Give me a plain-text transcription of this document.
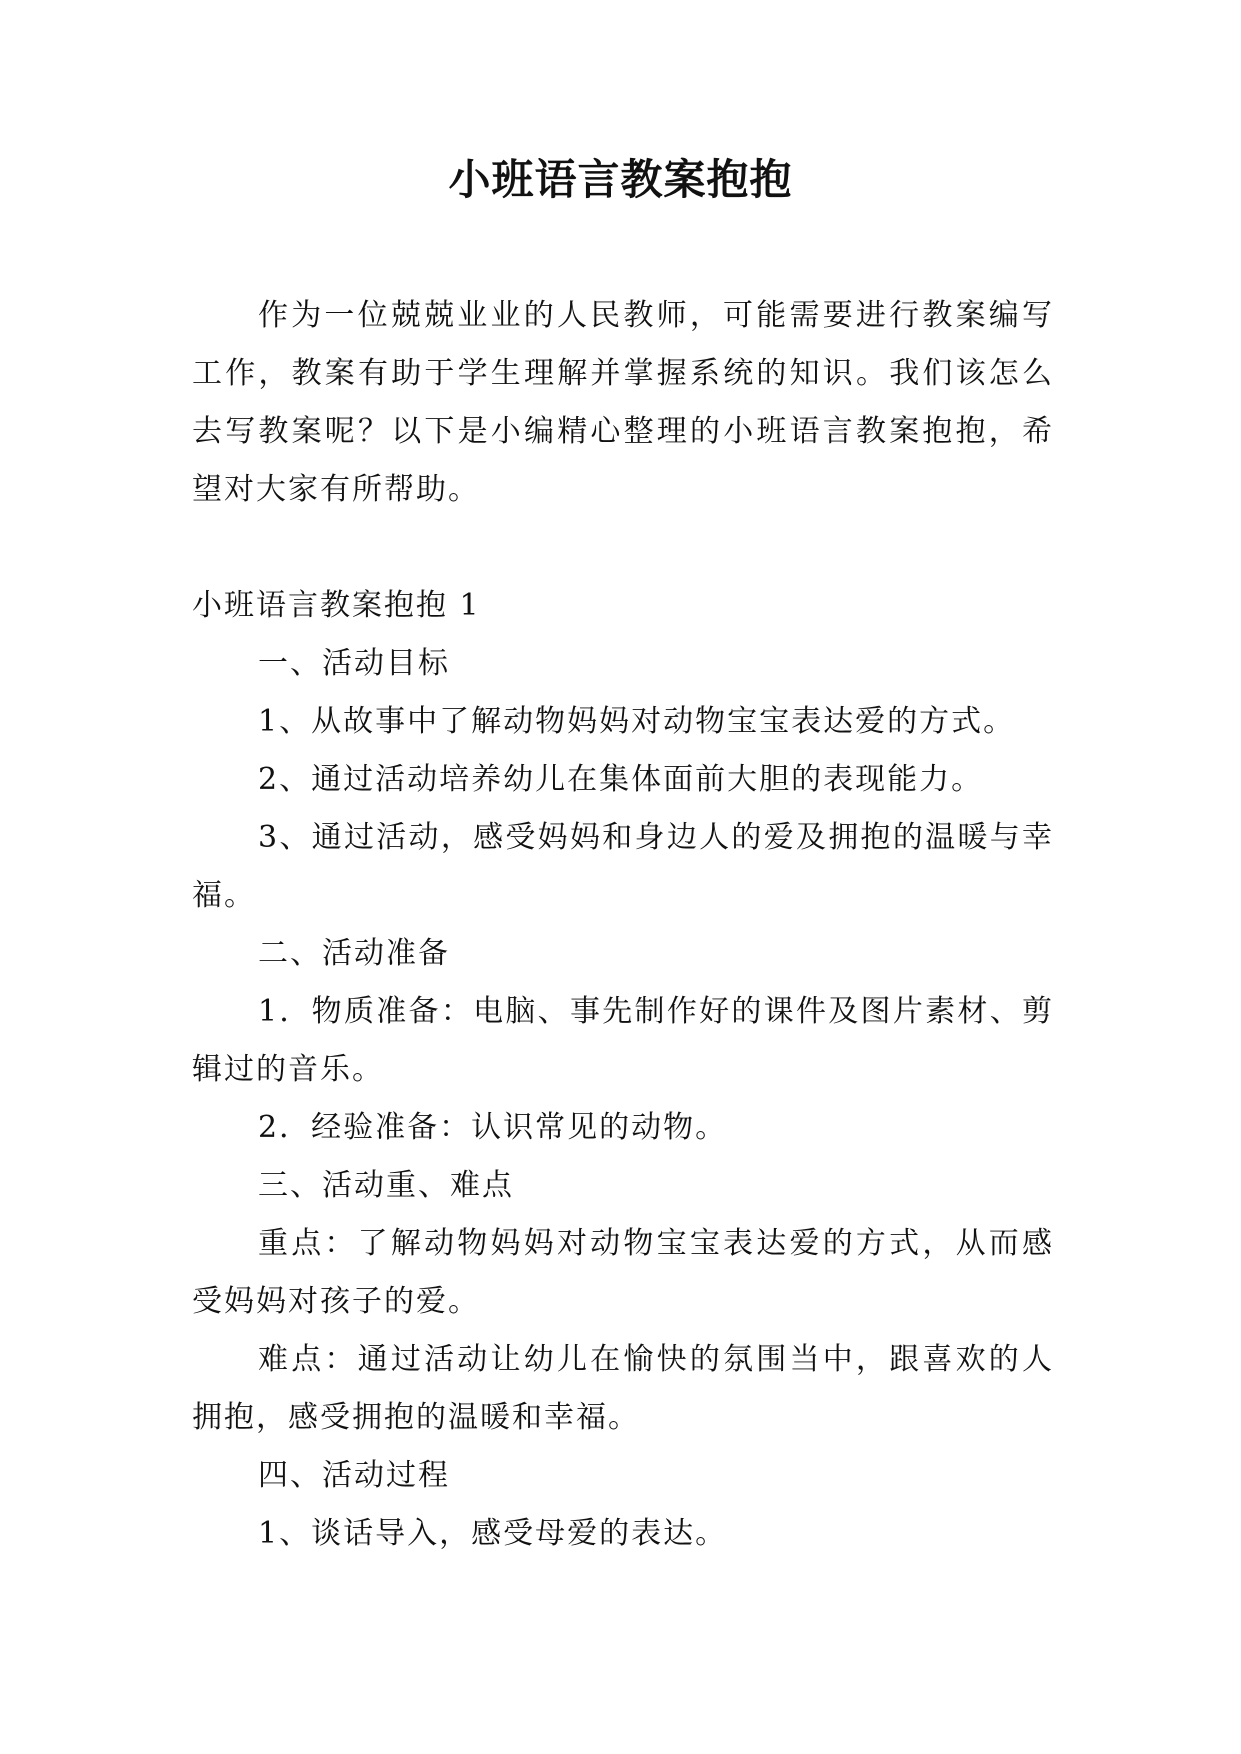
小班语言教案抱抱

作为一位兢兢业业的人民教师，可能需要进行教案编写工作，教案有助于学生理解并掌握系统的知识。我们该怎么去写教案呢？以下是小编精心整理的小班语言教案抱抱，希望对大家有所帮助。

小班语言教案抱抱 1

一、活动目标

1、从故事中了解动物妈妈对动物宝宝表达爱的方式。

2、通过活动培养幼儿在集体面前大胆的表现能力。

3、通过活动，感受妈妈和身边人的爱及拥抱的温暖与幸福。

二、活动准备

1．物质准备：电脑、事先制作好的课件及图片素材、剪辑过的音乐。

2．经验准备：认识常见的动物。

三、活动重、难点

重点：了解动物妈妈对动物宝宝表达爱的方式，从而感受妈妈对孩子的爱。

难点：通过活动让幼儿在愉快的氛围当中，跟喜欢的人拥抱，感受拥抱的温暖和幸福。

四、活动过程

1、谈话导入，感受母爱的表达。
